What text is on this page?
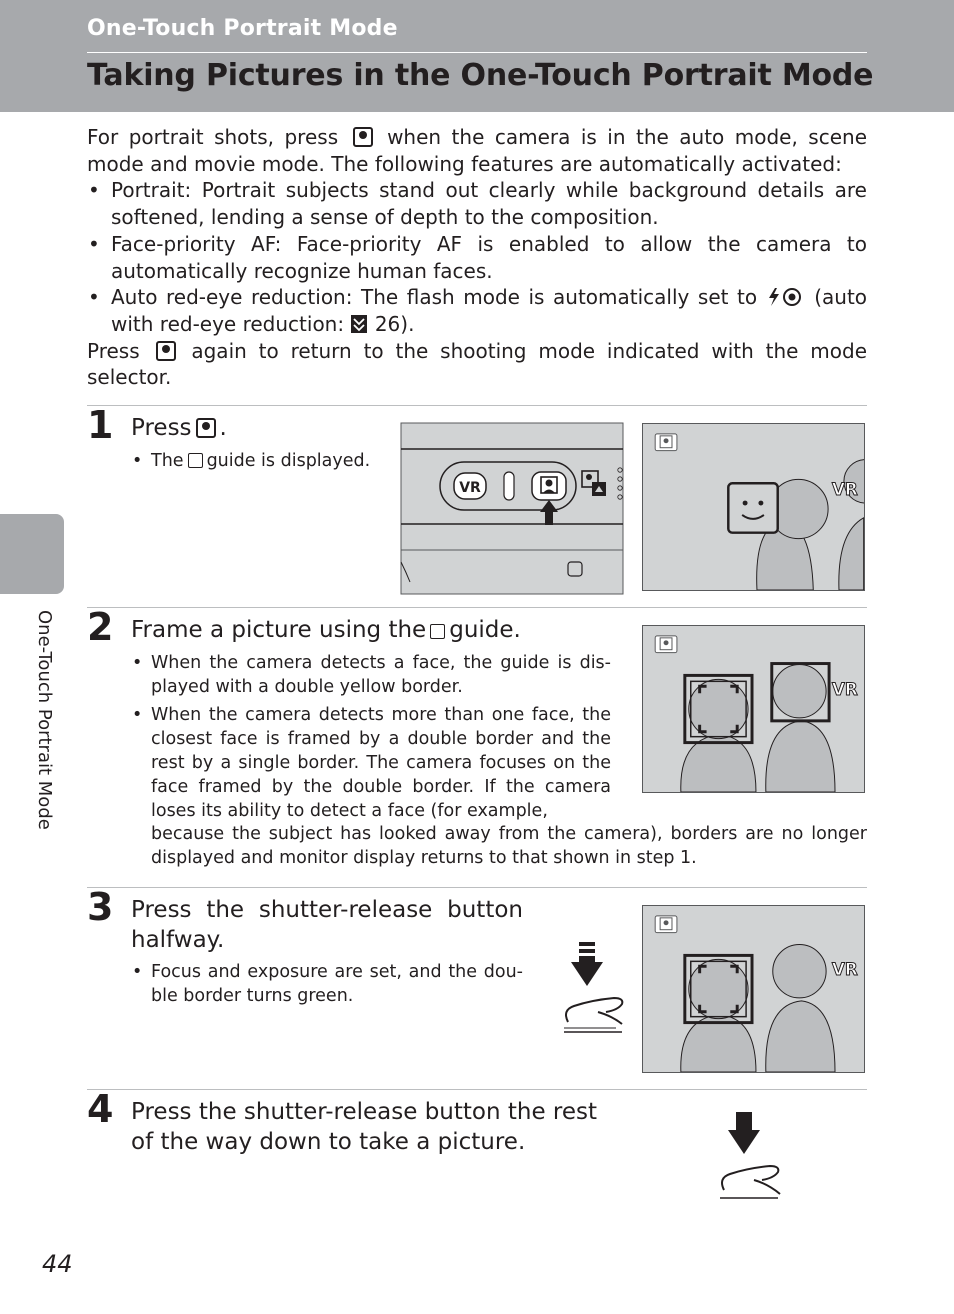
One-Touch Portrait Mode
Taking Pictures in the One-Touch Portrait Mode

For portrait shots, press when the camera is in the auto mode, scene mode and movie mode. The following features are automatically activated:

• Portrait: Portrait subjects stand out clearly while background details are softened, lending a sense of depth to the composition.
• Face-priority AF: Face-priority AF is enabled to allow the camera to automatically recognize human faces.
• Auto red-eye reduction: The flash mode is automatically set to	(auto with red-eye reduction: 26).

Press	again to return to the shooting mode indicated with the mode selector.

One-Touch Portrait Mode
1 Press .
• The guide is displayed.
VR	VR
2 Frame a picture using the guide.
• When the camera detects a face, the guide is dis-played with a double yellow border.
• When the camera detects more than one face, the closest face is framed by a double border and the rest by a single border. The camera focuses on the face framed by the double border. If the camera loses its ability to detect a face (for example,
because the subject has looked away from the camera), borders are no longer displayed and monitor display returns to that shown in step 1.
VR
3 Press the shutter-release button halfway.
• Focus and exposure are set, and the dou-ble border turns green.
VR
4 Press the shutter-release button the rest of the way down to take a picture.
44
